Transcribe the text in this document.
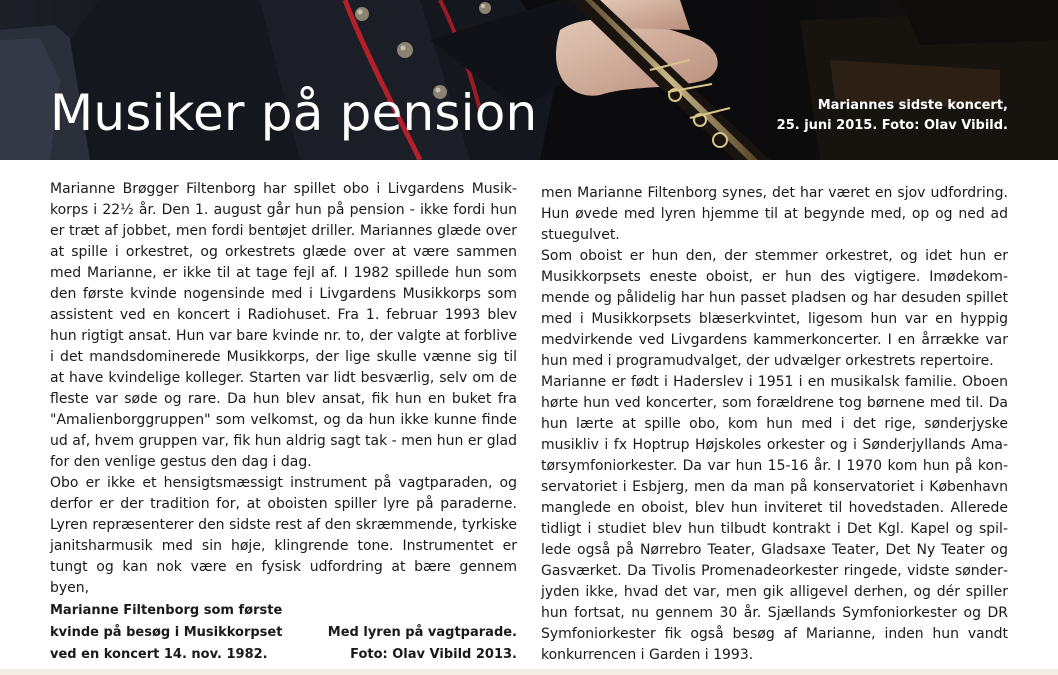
Musiker på pension	Mariannes sidste koncert,
25. juni 2015. Foto: Olav Vibild.

Marianne Brøgger Filtenborg har spillet obo i Livgardens Musikkorps i 22½ år. Den 1. august går hun på pension - ikke fordi hun er træt af jobbet, men fordi bentøjet driller. Mariannes glæde over at spille i orkestret, og orkestrets glæde over at være sammen med Marianne, er ikke til at tage fejl af. I 1982 spillede hun som den første kvinde nogensinde med i Livgardens Musikkorps som assistent ved en koncert i Radiohuset. Fra 1. februar 1993 blev hun rigtigt ansat. Hun var bare kvinde nr. to, der valgte at forblive i det mandsdominerede Musikkorps, der lige skulle vænne sig til at have kvindelige kolleger. Starten var lidt besværlig, selv om de fleste var søde og rare. Da hun blev ansat, fik hun en buket fra "Amalienborggruppen" som velkomst, og da hun ikke kunne finde ud af, hvem gruppen var, fik hun aldrig sagt tak - men hun er glad for den venlige gestus den dag i dag.

Obo er ikke et hensigtsmæssigt instrument på vagtparaden, og derfor er der tradition for, at oboisten spiller lyre på paraderne. Lyren repræsenterer den sidste rest af den skræmmende, tyrkiske janitsharmusik med sin høje, klingrende tone. Instrumentet er tungt og kan nok være en fysisk udfordring at bære gennem byen,

men Marianne Filtenborg synes, det har været en sjov udfordring. Hun øvede med lyren hjemme til at begynde med, op og ned ad stuegulvet.

Som oboist er hun den, der stemmer orkestret, og idet hun er Musikkorpsets eneste oboist, er hun des vigtigere. Imødekommende og pålidelig har hun passet pladsen og har desuden spillet med i Musikkorpsets blæserkvintet, ligesom hun var en hyppig medvirkende ved Livgardens kammerkoncerter. I en årrække var hun med i programudvalget, der udvælger orkestrets repertoire.

Marianne er født i Haderslev i 1951 i en musikalsk familie. Oboen hørte hun ved koncerter, som forældrene tog børnene med til. Da hun lærte at spille obo, kom hun med i det rige, sønderjyske musikliv i fx Hoptrup Højskoles orkester og i Sønderjyllands Amatørsymfoniorkester. Da var hun 15-16 år. I 1970 kom hun på konservatoriet i Esbjerg, men da man på konservatoriet i København manglede en oboist, blev hun inviteret til hovedstaden. Allerede tidligt i studiet blev hun tilbudt kontrakt i Det Kgl. Kapel og spillede også på Nørrebro Teater, Gladsaxe Teater, Det Ny Teater og Gasværket. Da Tivolis Promenadeorkester ringede, vidste sønderjyden ikke, hvad det var, men gik alligevel derhen, og dér spiller hun fortsat, nu gennem 30 år. Sjællands Symfoniorkester og DR Symfoniorkester fik også besøg af Marianne, inden hun vandt konkurrencen i Garden i 1993.

Marianne Filtenborg som første
kvinde på besøg i Musikkorpset
ved en koncert 14. nov. 1982.
Med lyren på vagtparade.
Foto: Olav Vibild 2013.
